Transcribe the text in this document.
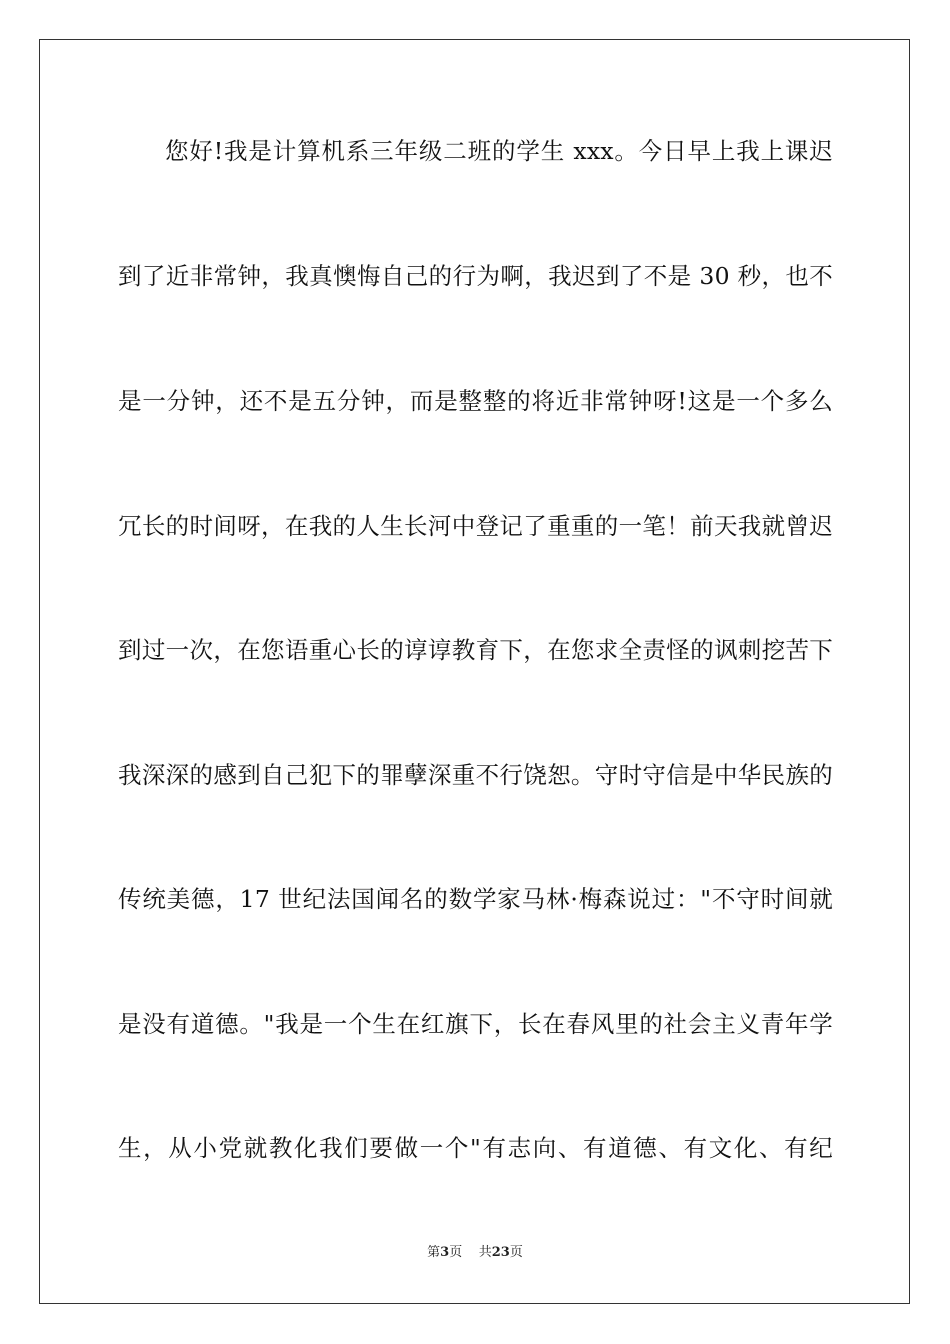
您好!我是计算机系三年级二班的学生 xxx。今日早上我上课迟
到了近非常钟，我真懊悔自己的行为啊，我迟到了不是 30 秒，也不
是一分钟，还不是五分钟，而是整整的将近非常钟呀!这是一个多么
冗长的时间呀，在我的人生长河中登记了重重的一笔！前天我就曾迟
到过一次，在您语重心长的谆谆教育下，在您求全责怪的讽刺挖苦下
我深深的感到自己犯下的罪孽深重不行饶恕。守时守信是中华民族的
传统美德，17 世纪法国闻名的数学家马林·梅森说过："不守时间就
是没有道德。"我是一个生在红旗下，长在春风里的社会主义青年学
生，从小党就教化我们要做一个"有志向、有道德、有文化、有纪
第3页 共23页
